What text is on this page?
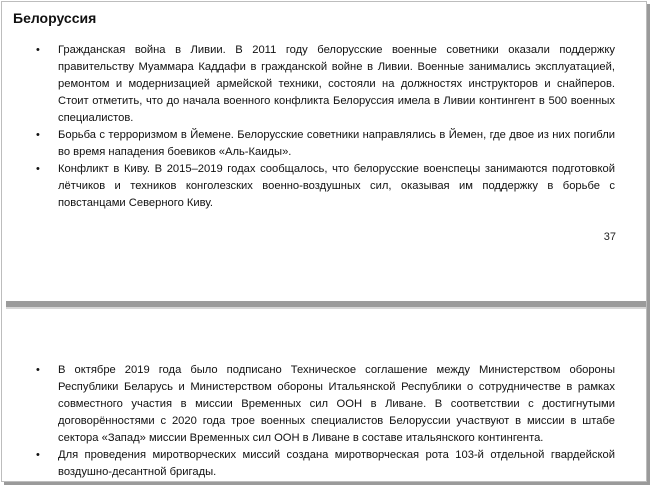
Белоруссия
• Гражданская война в Ливии. В 2011 году белорусские военные советники оказали поддержку правительству Муаммара Каддафи в гражданской войне в Ливии. Военные занимались эксплуатацией, ремонтом и модернизацией армейской техники, состояли на должностях инструкторов и снайперов. Стоит отметить, что до начала военного конфликта Белоруссия имела в Ливии контингент в 500 военных специалистов.
• Борьба с терроризмом в Йемене. Белорусские советники направлялись в Йемен, где двое из них погибли во время нападения боевиков «Аль-Каиды».
• Конфликт в Киву. В 2015–2019 годах сообщалось, что белорусские военспецы занимаются подготовкой лётчиков и техников конголезских военно-воздушных сил, оказывая им поддержку в борьбе с повстанцами Северного Киву.
37
• В октябре 2019 года было подписано Техническое соглашение между Министерством обороны Республики Беларусь и Министерством обороны Итальянской Республики о сотрудничестве в рамках совместного участия в миссии Временных сил ООН в Ливане. В соответствии с достигнутыми договорённостями с 2020 года трое военных специалистов Белоруссии участвуют в миссии в штабе сектора «Запад» миссии Временных сил ООН в Ливане в составе итальянского контингента.
• Для проведения миротворческих миссий создана миротворческая рота 103-й отдельной гвардейской воздушно-десантной бригады.
